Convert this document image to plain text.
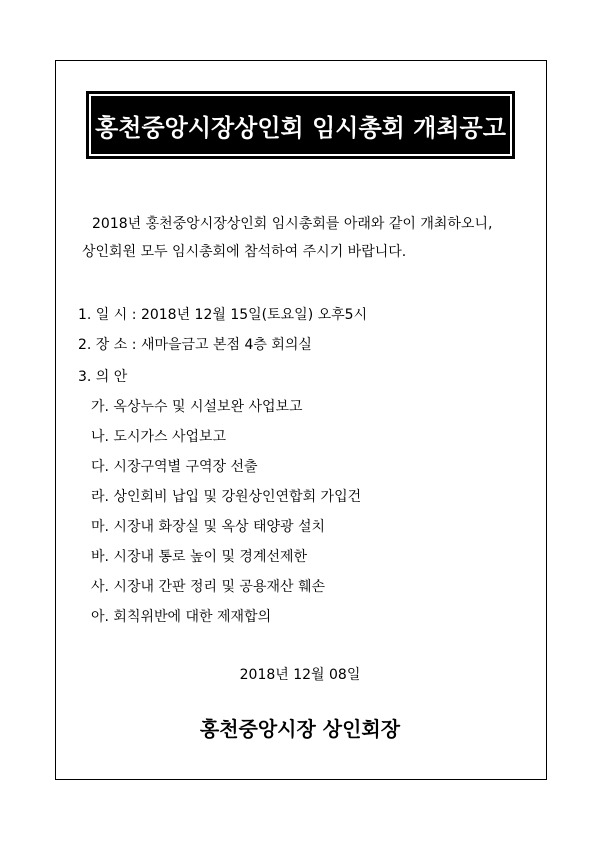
홍천중앙시장상인회 임시총회 개최공고
2018년 홍천중앙시장상인회 임시총회를 아래와 같이 개최하오니,
상인회원 모두 임시총회에 참석하여 주시기 바랍니다.
1. 일 시 : 2018년 12월 15일(토요일) 오후5시
2. 장 소 : 새마을금고 본점 4층 회의실
3. 의 안
가. 옥상누수 및 시설보완 사업보고
나. 도시가스 사업보고
다. 시장구역별 구역장 선출
라. 상인회비 납입 및 강원상인연합회 가입건
마. 시장내 화장실 및 옥상 태양광 설치
바. 시장내 통로 높이 및 경계선제한
사. 시장내 간판 정리 및 공용재산 훼손
아. 회칙위반에 대한 제재합의
2018년 12월 08일
홍천중앙시장 상인회장
